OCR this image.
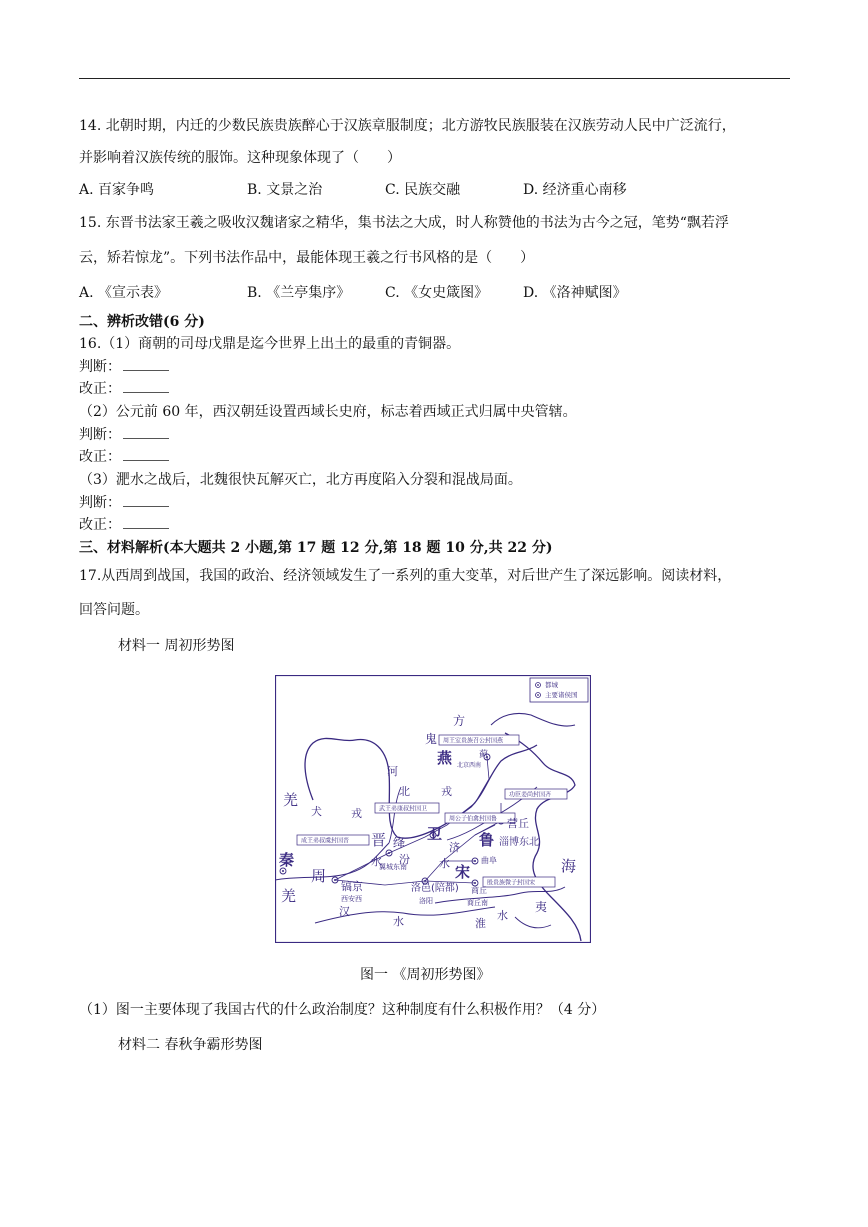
14. 北朝时期，内迁的少数民族贵族醉心于汉族章服制度；北方游牧民族服装在汉族劳动人民中广泛流行，
并影响着汉族传统的服饰。这种现象体现了（　　）
A. 百家争鸣	B. 文景之治	C. 民族交融	D. 经济重心南移
15. 东晋书法家王羲之吸收汉魏诸家之精华，集书法之大成，时人称赞他的书法为古今之冠，笔势“飘若浮
云，矫若惊龙”。下列书法作品中，最能体现王羲之行书风格的是（　　）
A. 《宣示表》	B. 《兰亭集序》 C. 《女史箴图》 D. 《洛神赋图》
二、辨析改错(6 分)
16.（1）商朝的司母戊鼎是迄今世界上出土的最重的青铜器。
判断：
改正：
（2）公元前 60 年，西汉朝廷设置西域长史府，标志着西域正式归属中央管辖。
判断：
改正：
（3）淝水之战后，北魏很快瓦解灭亡，北方再度陷入分裂和混战局面。
判断：
改正：
三、材料解析(本大题共 2 小题,第 17 题 12 分,第 18 题 10 分,共 22 分)
17.从西周到战国，我国的政治、经济领域发生了一系列的重大变革，对后世产生了深远影响。阅读材料，
回答问题。
材料一 周初形势图
都城
主要诸侯国
周王室贵族召公封国燕
武王弟康叔封国卫
成王弟叔虞封国晋
周公子伯禽封国鲁
功臣姜尚封国齐
殷贵族微子封国宋
方
鬼
燕	蓟
北京西南
河
北	戎
羌
犬	戎
卫
晋 绛
水
翼城东南
汾
鲁
营丘
淄博东北
曲阜
济
宋
水
秦
周
羌
镐京
西安西
洛邑(陪都)
洛阳
商丘
商丘南
汉
水	淮
水
海
夷
图一 《周初形势图》
（1）图一主要体现了我国古代的什么政治制度？这种制度有什么积极作用？（4 分）
材料二 春秋争霸形势图
